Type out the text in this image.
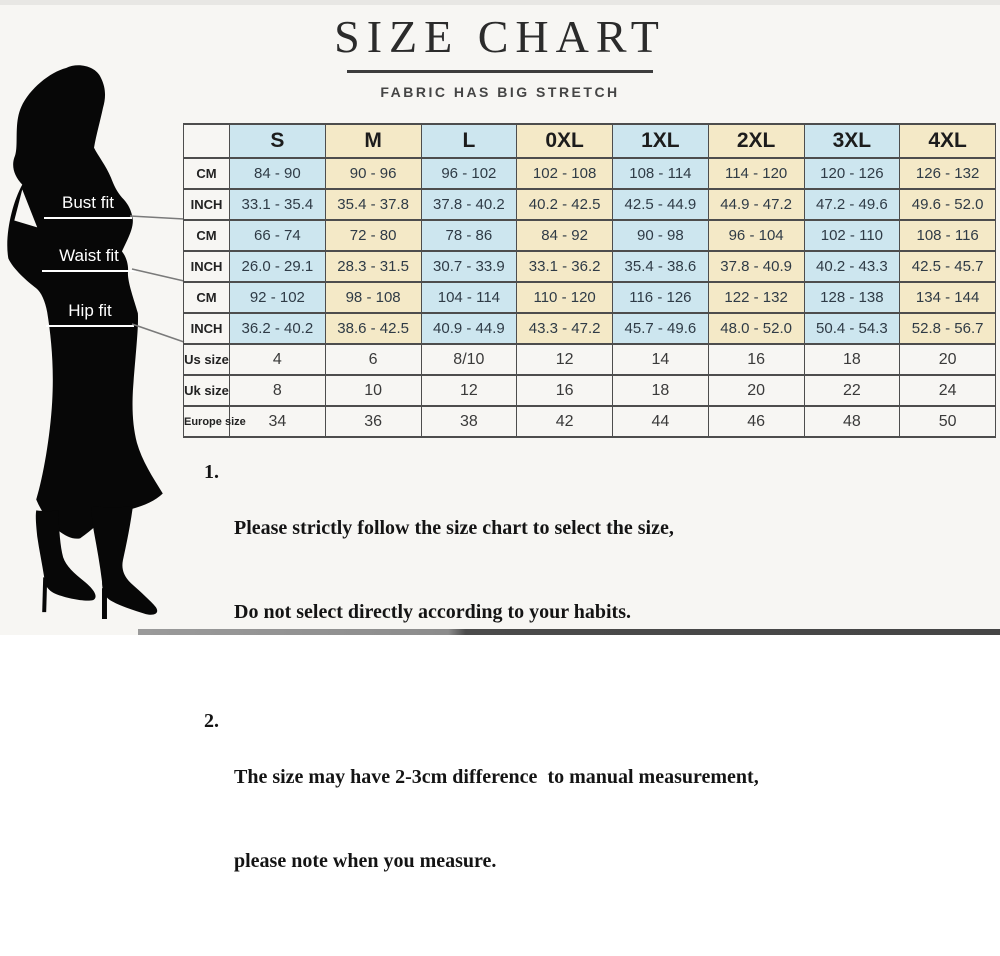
SIZE CHART
FABRIC HAS BIG STRETCH
Bust fit
Waist fit
Hip fit
	S	M	L	0XL	1XL	2XL	3XL	4XL
CM	84 - 90	90 - 96	96 - 102	102 - 108	108 - 114	114 - 120	120 - 126	126 - 132
INCH	33.1 - 35.4	35.4 - 37.8	37.8 - 40.2	40.2 - 42.5	42.5 - 44.9	44.9 - 47.2	47.2 - 49.6	49.6 - 52.0
CM	66 - 74	72 - 80	78 - 86	84 - 92	90 - 98	96 - 104	102 - 110	108 - 116
INCH	26.0 - 29.1	28.3 - 31.5	30.7 - 33.9	33.1 - 36.2	35.4 - 38.6	37.8 - 40.9	40.2 - 43.3	42.5 - 45.7
CM	92 - 102	98 - 108	104 - 114	110 - 120	116 - 126	122 - 132	128 - 138	134 - 144
INCH	36.2 - 40.2	38.6 - 42.5	40.9 - 44.9	43.3 - 47.2	45.7 - 49.6	48.0 - 52.0	50.4 - 54.3	52.8 - 56.7
Us size	4	6	8/10	12	14	16	18	20
Uk size	8	10	12	16	18	20	22	24
Europe size	34	36	38	42	44	46	48	50
1.

Please strictly follow the size chart to select the size,

Do not select directly according to your habits.

2.

The size may have 2-3cm difference  to manual measurement,

please note when you measure.
